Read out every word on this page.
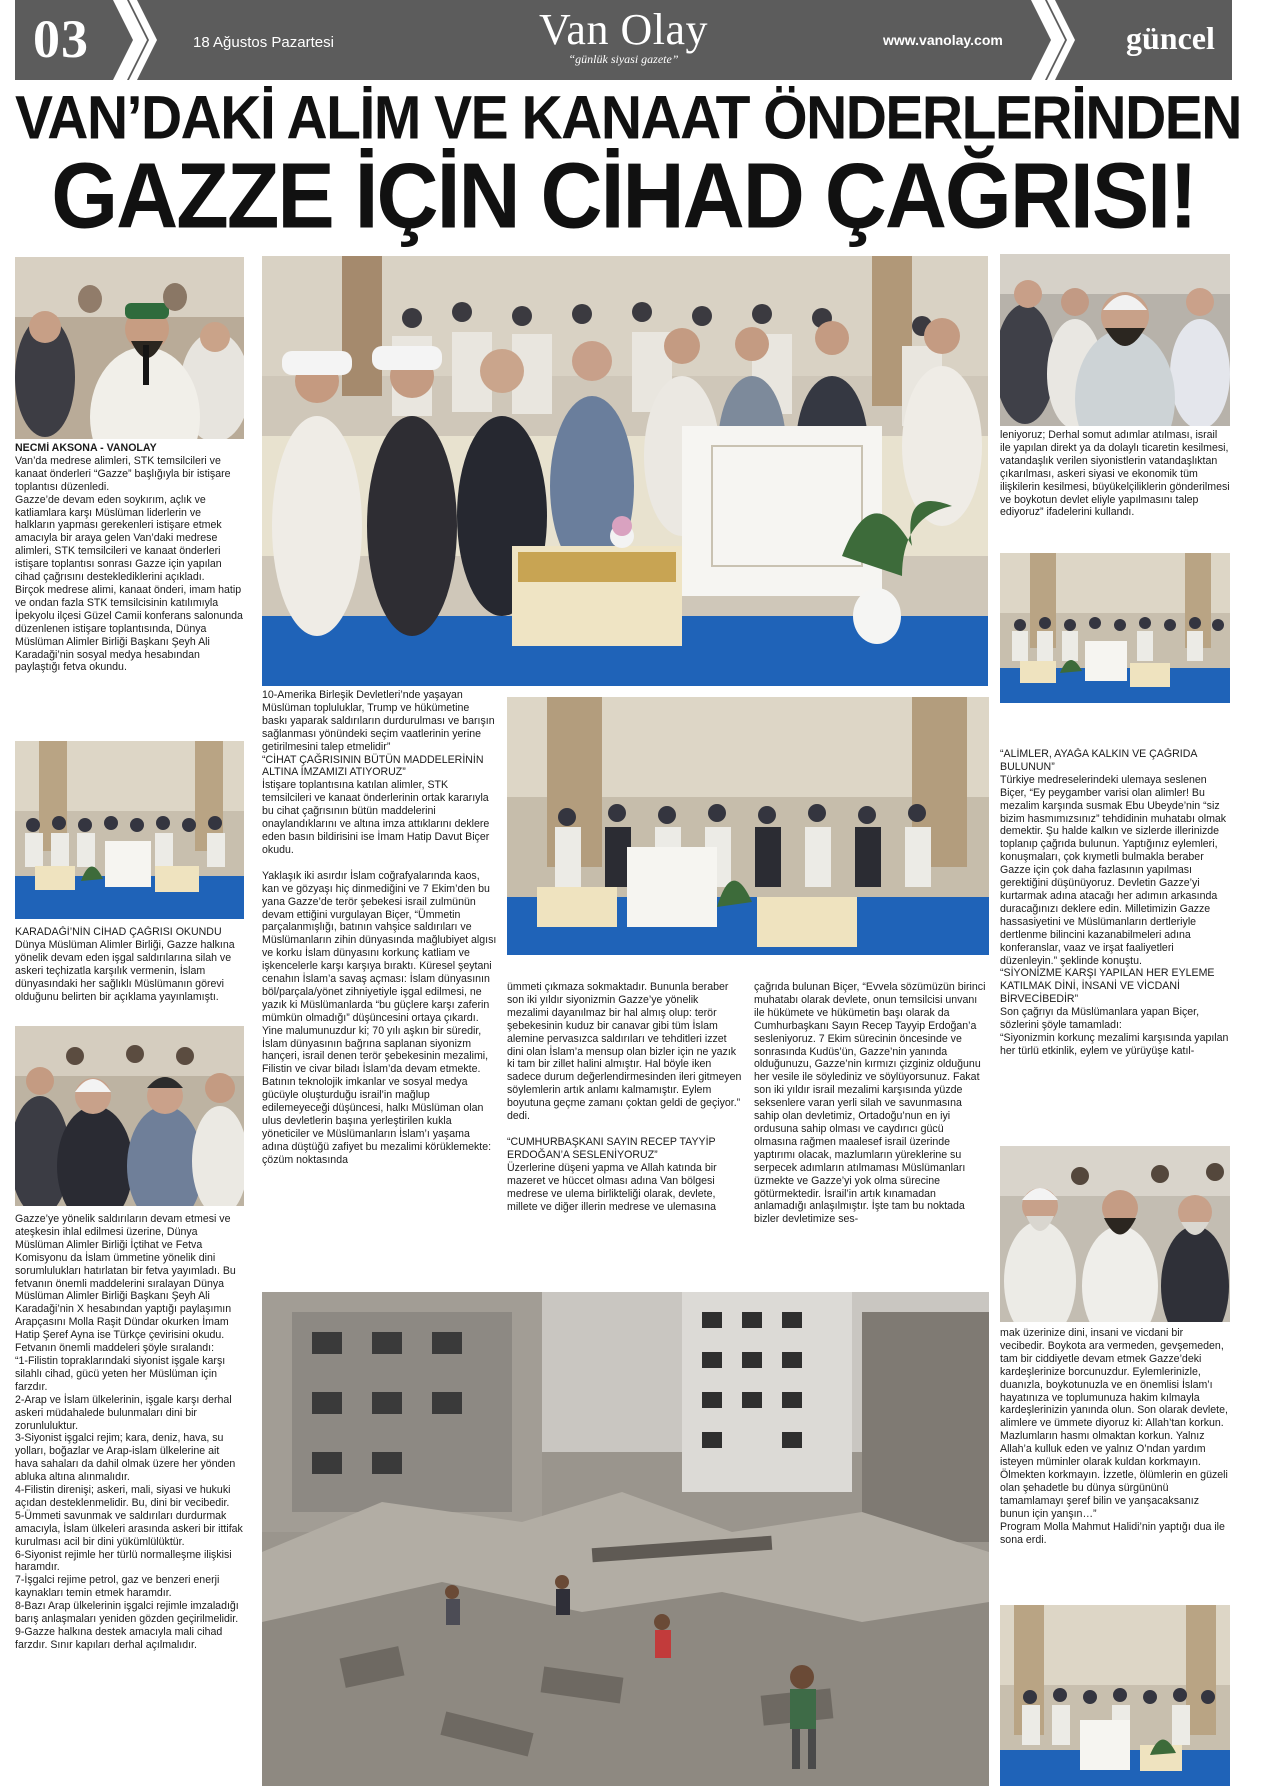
03	18 Ağustos Pazartesi	Van Olay
“günlük siyasi gazete”
www.vanolay.com	güncel
VAN’DAKİ ALİM VE KANAAT ÖNDERLERİNDEN
GAZZE İÇİN CİHAD ÇAĞRISI!

NECMİ AKSONA - VANOLAY

Van’da medrese alimleri, STK temsilcileri ve kanaat önderleri “Gazze” başlığıyla bir istişare toplantısı düzenledi.

Gazze’de devam eden soykırım, açlık ve katliamlara karşı Müslüman liderlerin ve halkların yapması gerekenleri istişare etmek amacıyla bir araya gelen Van’daki medrese alimleri, STK temsilcileri ve kanaat önderleri istişare toplantısı sonrası Gazze için yapılan cihad çağrısını desteklediklerini açıkladı.

Birçok medrese alimi, kanaat önderi, imam hatip ve ondan fazla STK temsilcisinin katılımıyla İpekyolu ilçesi Güzel Camii konferans salonunda düzenlenen istişare toplantısında, Dünya Müslüman Alimler Birliği Başkanı Şeyh Ali Karadaği’nin sosyal medya hesabından paylaştığı fetva okundu.

KARADAĞİ’NİN CİHAD ÇAĞRISI OKUNDU

Dünya Müslüman Alimler Birliği, Gazze halkına yönelik devam eden işgal saldırılarına silah ve askeri teçhizatla karşılık vermenin, İslam dünyasındaki her sağlıklı Müslümanın görevi olduğunu belirten bir açıklama yayınlamıştı.

Gazze’ye yönelik saldırıların devam etmesi ve ateşkesin ihlal edilmesi üzerine, Dünya Müslüman Alimler Birliği İçtihat ve Fetva Komisyonu da İslam ümmetine yönelik dini sorumlulukları hatırlatan bir fetva yayımladı. Bu fetvanın önemli maddelerini sıralayan Dünya Müslüman Alimler Birliği Başkanı Şeyh Ali Karadaği’nin X hesabından yaptığı paylaşımın Arapçasını Molla Raşit Dündar okurken İmam Hatip Şeref Ayna ise Türkçe çevirisini okudu.

Fetvanın önemli maddeleri şöyle sıralandı:

“1-Filistin topraklarındaki siyonist işgale karşı silahlı cihad, gücü yeten her Müslüman için farzdır.

2-Arap ve İslam ülkelerinin, işgale karşı derhal askeri müdahalede bulunmaları dini bir zorunluluktur.

3-Siyonist işgalci rejim; kara, deniz, hava, su yolları, boğazlar ve Arap-islam ülkelerine ait hava sahaları da dahil olmak üzere her yönden abluka altına alınmalıdır.

4-Filistin direnişi; askeri, mali, siyasi ve hukuki açıdan desteklenmelidir. Bu, dini bir vecibedir.

5-Ümmeti savunmak ve saldırıları durdurmak amacıyla, İslam ülkeleri arasında askeri bir ittifak kurulması acil bir dini yükümlülüktür.

6-Siyonist rejimle her türlü normalleşme ilişkisi haramdır.

7-İşgalci rejime petrol, gaz ve benzeri enerji kaynakları temin etmek haramdır.

8-Bazı Arap ülkelerinin işgalci rejimle imzaladığı barış anlaşmaları yeniden gözden geçirilmelidir.

9-Gazze halkına destek amacıyla mali cihad farzdır. Sınır kapıları derhal açılmalıdır.

10-Amerika Birleşik Devletleri’nde yaşayan Müslüman topluluklar, Trump ve hükümetine baskı yaparak saldırıların durdurulması ve barışın sağlanması yönündeki seçim vaatlerinin yerine getirilmesini talep etmelidir”

“CİHAT ÇAĞRISININ BÜTÜN MADDELERİNİN ALTINA İMZAMIZI ATIYORUZ”

İstişare toplantısına katılan alimler, STK temsilcileri ve kanaat önderlerinin ortak kararıyla bu cihat çağrısının bütün maddelerini onaylandıklarını ve altına imza attıklarını deklere eden basın bildirisini ise İmam Hatip Davut Biçer okudu.

Yaklaşık iki asırdır İslam coğrafyalarında kaos, kan ve gözyaşı hiç dinmediğini ve 7 Ekim’den bu yana Gazze’de terör şebekesi israil zulmünün devam ettiğini vurgulayan Biçer, “Ümmetin parçalanmışlığı, batının vahşice saldırıları ve Müslümanların zihin dünyasında mağlubiyet algısı ve korku İslam dünyasını korkunç katliam ve işkencelerle karşı karşıya bıraktı. Küresel şeytani cenahın İslam’a savaş açması: İslam dünyasının böl/parçala/yönet zihniyetiyle işgal edilmesi, ne yazık ki Müslümanlarda “bu güçlere karşı zaferin mümkün olmadığı” düşüncesini ortaya çıkardı. Yine malumunuzdur ki; 70 yılı aşkın bir süredir, İslam dünyasının bağrına saplanan siyonizm hançeri, israil denen terör şebekesinin mezalimi, Filistin ve civar biladı İslam’da devam etmekte. Batının teknolojik imkanlar ve sosyal medya gücüyle oluşturduğu israil’in mağlup edilemeyeceği düşüncesi, halkı Müslüman olan ulus devletlerin başına yerleştirilen kukla yöneticiler ve Müslümanların İslam’ı yaşama adına düştüğü zafiyet bu mezalimi körüklemekte: çözüm noktasında

ümmeti çıkmaza sokmaktadır. Bununla beraber son iki yıldır siyonizmin Gazze’ye yönelik mezalimi dayanılmaz bir hal almış olup: terör şebekesinin kuduz bir canavar gibi tüm İslam alemine pervasızca saldırıları ve tehditleri izzet dini olan İslam’a mensup olan bizler için ne yazık ki tam bir zillet halini almıştır. Hal böyle iken sadece durum değerlendirmesinden ileri gitmeyen söylemlerin artık anlamı kalmamıştır. Eylem boyutuna geçme zamanı çoktan geldi de geçiyor.” dedi.

“CUMHURBAŞKANI SAYIN RECEP TAYYİP ERDOĞAN’A SESLENİYORUZ”

Üzerlerine düşeni yapma ve Allah katında bir mazeret ve hüccet olması adına Van bölgesi medrese ve ulema birlikteliği olarak, devlete, millete ve diğer illerin medrese ve ulemasına

çağrıda bulunan Biçer, “Evvela sözümüzün birinci muhatabı olarak devlete, onun temsilcisi unvanı ile hükümete ve hükümetin başı olarak da Cumhurbaşkanı Sayın Recep Tayyip Erdoğan’a sesleniyoruz. 7 Ekim sürecinin öncesinde ve sonrasında Kudüs’ün, Gazze’nin yanında olduğunuzu, Gazze’nin kırmızı çizginiz olduğunu her vesile ile söylediniz ve söylüyorsunuz. Fakat son iki yıldır israil mezalimi karşısında yüzde seksenlere varan yerli silah ve savunmasına sahip olan devletimiz, Ortadoğu’nun en iyi ordusuna sahip olması ve caydırıcı gücü olmasına rağmen maalesef israil üzerinde yaptırımı olacak, mazlumların yüreklerine su serpecek adımların atılmaması Müslümanları üzmekte ve Gazze’yi yok olma sürecine götürmektedir. İsrail’in artık kınamadan anlamadığı anlaşılmıştır. İşte tam bu noktada bizler devletimize ses-

leniyoruz; Derhal somut adımlar atılması, israil ile yapılan direkt ya da dolaylı ticaretin kesilmesi, vatandaşlık verilen siyonistlerin vatandaşlıktan çıkarılması, askeri siyasi ve ekonomik tüm ilişkilerin kesilmesi, büyükelçiliklerin gönderilmesi ve boykotun devlet eliyle yapılmasını talep ediyoruz” ifadelerini kullandı.

“ALİMLER, AYAĞA KALKIN VE ÇAĞRIDA BULUNUN”

Türkiye medreselerindeki ulemaya seslenen Biçer, “Ey peygamber varisi olan alimler! Bu mezalim karşında susmak Ebu Ubeyde’nin “siz bizim hasmımızsınız” tehdidinin muhatabı olmak demektir. Şu halde kalkın ve sizlerde illerinizde toplanıp çağrıda bulunun. Yaptığınız eylemleri, konuşmaları, çok kıymetli bulmakla beraber Gazze için çok daha fazlasının yapılması gerektiğini düşünüyoruz. Devletin Gazze’yi kurtarmak adına atacağı her adımın arkasında duracağınızı deklere edin. Milletimizin Gazze hassasiyetini ve Müslümanların dertleriyle dertlenme bilincini kazanabilmeleri adına konferanslar, vaaz ve irşat faaliyetleri düzenleyin.” şeklinde konuştu.

“SİYONİZME KARŞI YAPILAN HER EYLEME KATILMAK DİNİ, İNSANİ VE VİCDANİ BİRVECİBEDİR”

Son çağrıyı da Müslümanlara yapan Biçer, sözlerini şöyle tamamladı:

“Siyonizmin korkunç mezalimi karşısında yapılan her türlü etkinlik, eylem ve yürüyüşe katıl-

mak üzerinize dini, insani ve vicdani bir vecibedir. Boykota ara vermeden, gevşemeden, tam bir ciddiyetle devam etmek Gazze’deki kardeşlerinize borcunuzdur. Eylemlerinizle, duanızla, boykotunuzla ve en önemlisi İslam’ı hayatınıza ve toplumunuza hakim kılmayla kardeşlerinizin yanında olun. Son olarak devlete, alimlere ve ümmete diyoruz ki: Allah’tan korkun. Mazlumların hasmı olmaktan korkun. Yalnız Allah’a kulluk eden ve yalnız O’ndan yardım isteyen müminler olarak kuldan korkmayın. Ölmekten korkmayın. İzzetle, ölümlerin en güzeli olan şehadetle bu dünya sürgününü tamamlamayı şeref bilin ve yanşacaksanız bunun için yanşın…”

Program Molla Mahmut Halidi’nin yaptığı dua ile sona erdi.
